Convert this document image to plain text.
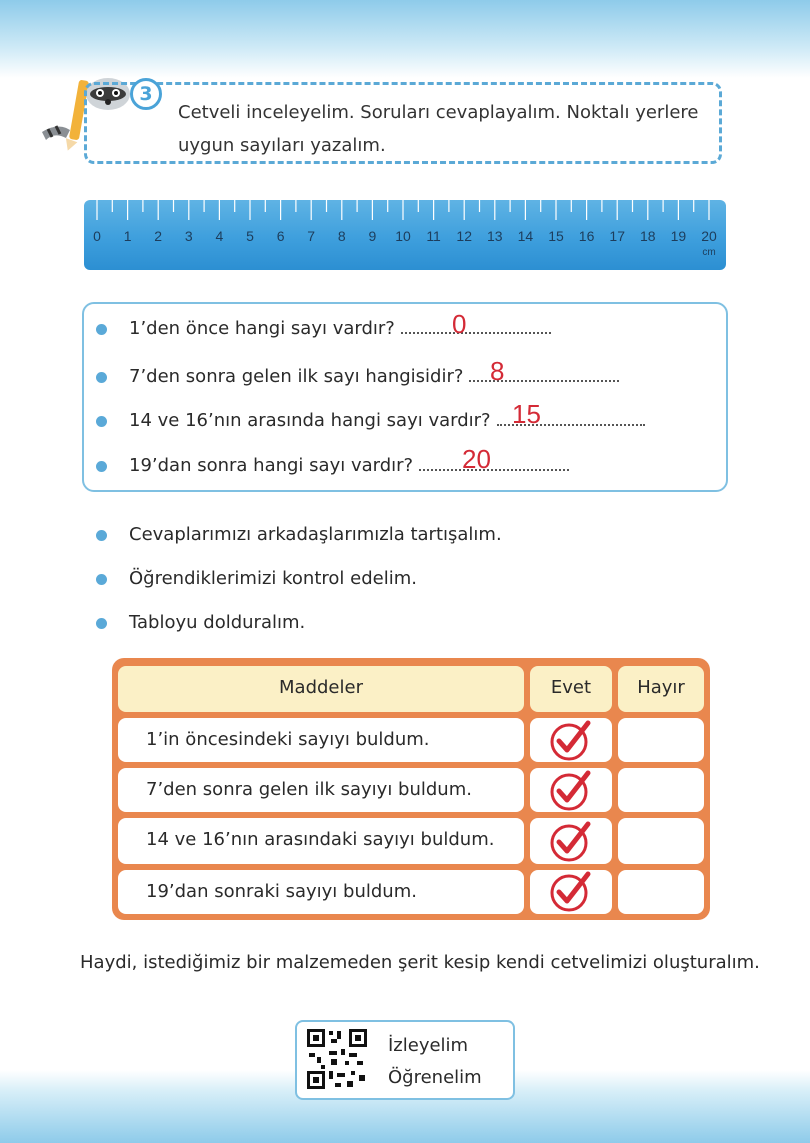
3
Cetveli inceleyelim. Soruları cevaplayalım. Noktalı yerlere
uygun sayıları yazalım.
0 1 2 3 4 5 6 7 8 9 10 11 12 13 14 15 16 17 18 19 20
cm
1’den önce hangi sayı vardır?	0
7’den sonra gelen ilk sayı hangisidir?	8
14 ve 16’nın arasında hangi sayı vardır? 15
19’dan sonra hangi sayı vardır?	20
Cevaplarımızı arkadaşlarımızla tartışalım.
Öğrendiklerimizi kontrol edelim.
Tabloyu dolduralım.
Maddeler	Evet	Hayır
1’in öncesindeki sayıyı buldum.
7’den sonra gelen ilk sayıyı buldum.
14 ve 16’nın arasındaki sayıyı buldum.
19’dan sonraki sayıyı buldum.
Haydi, istediğimiz bir malzemeden şerit kesip kendi cetvelimizi oluşturalım.
İzleyelim
Öğrenelim
